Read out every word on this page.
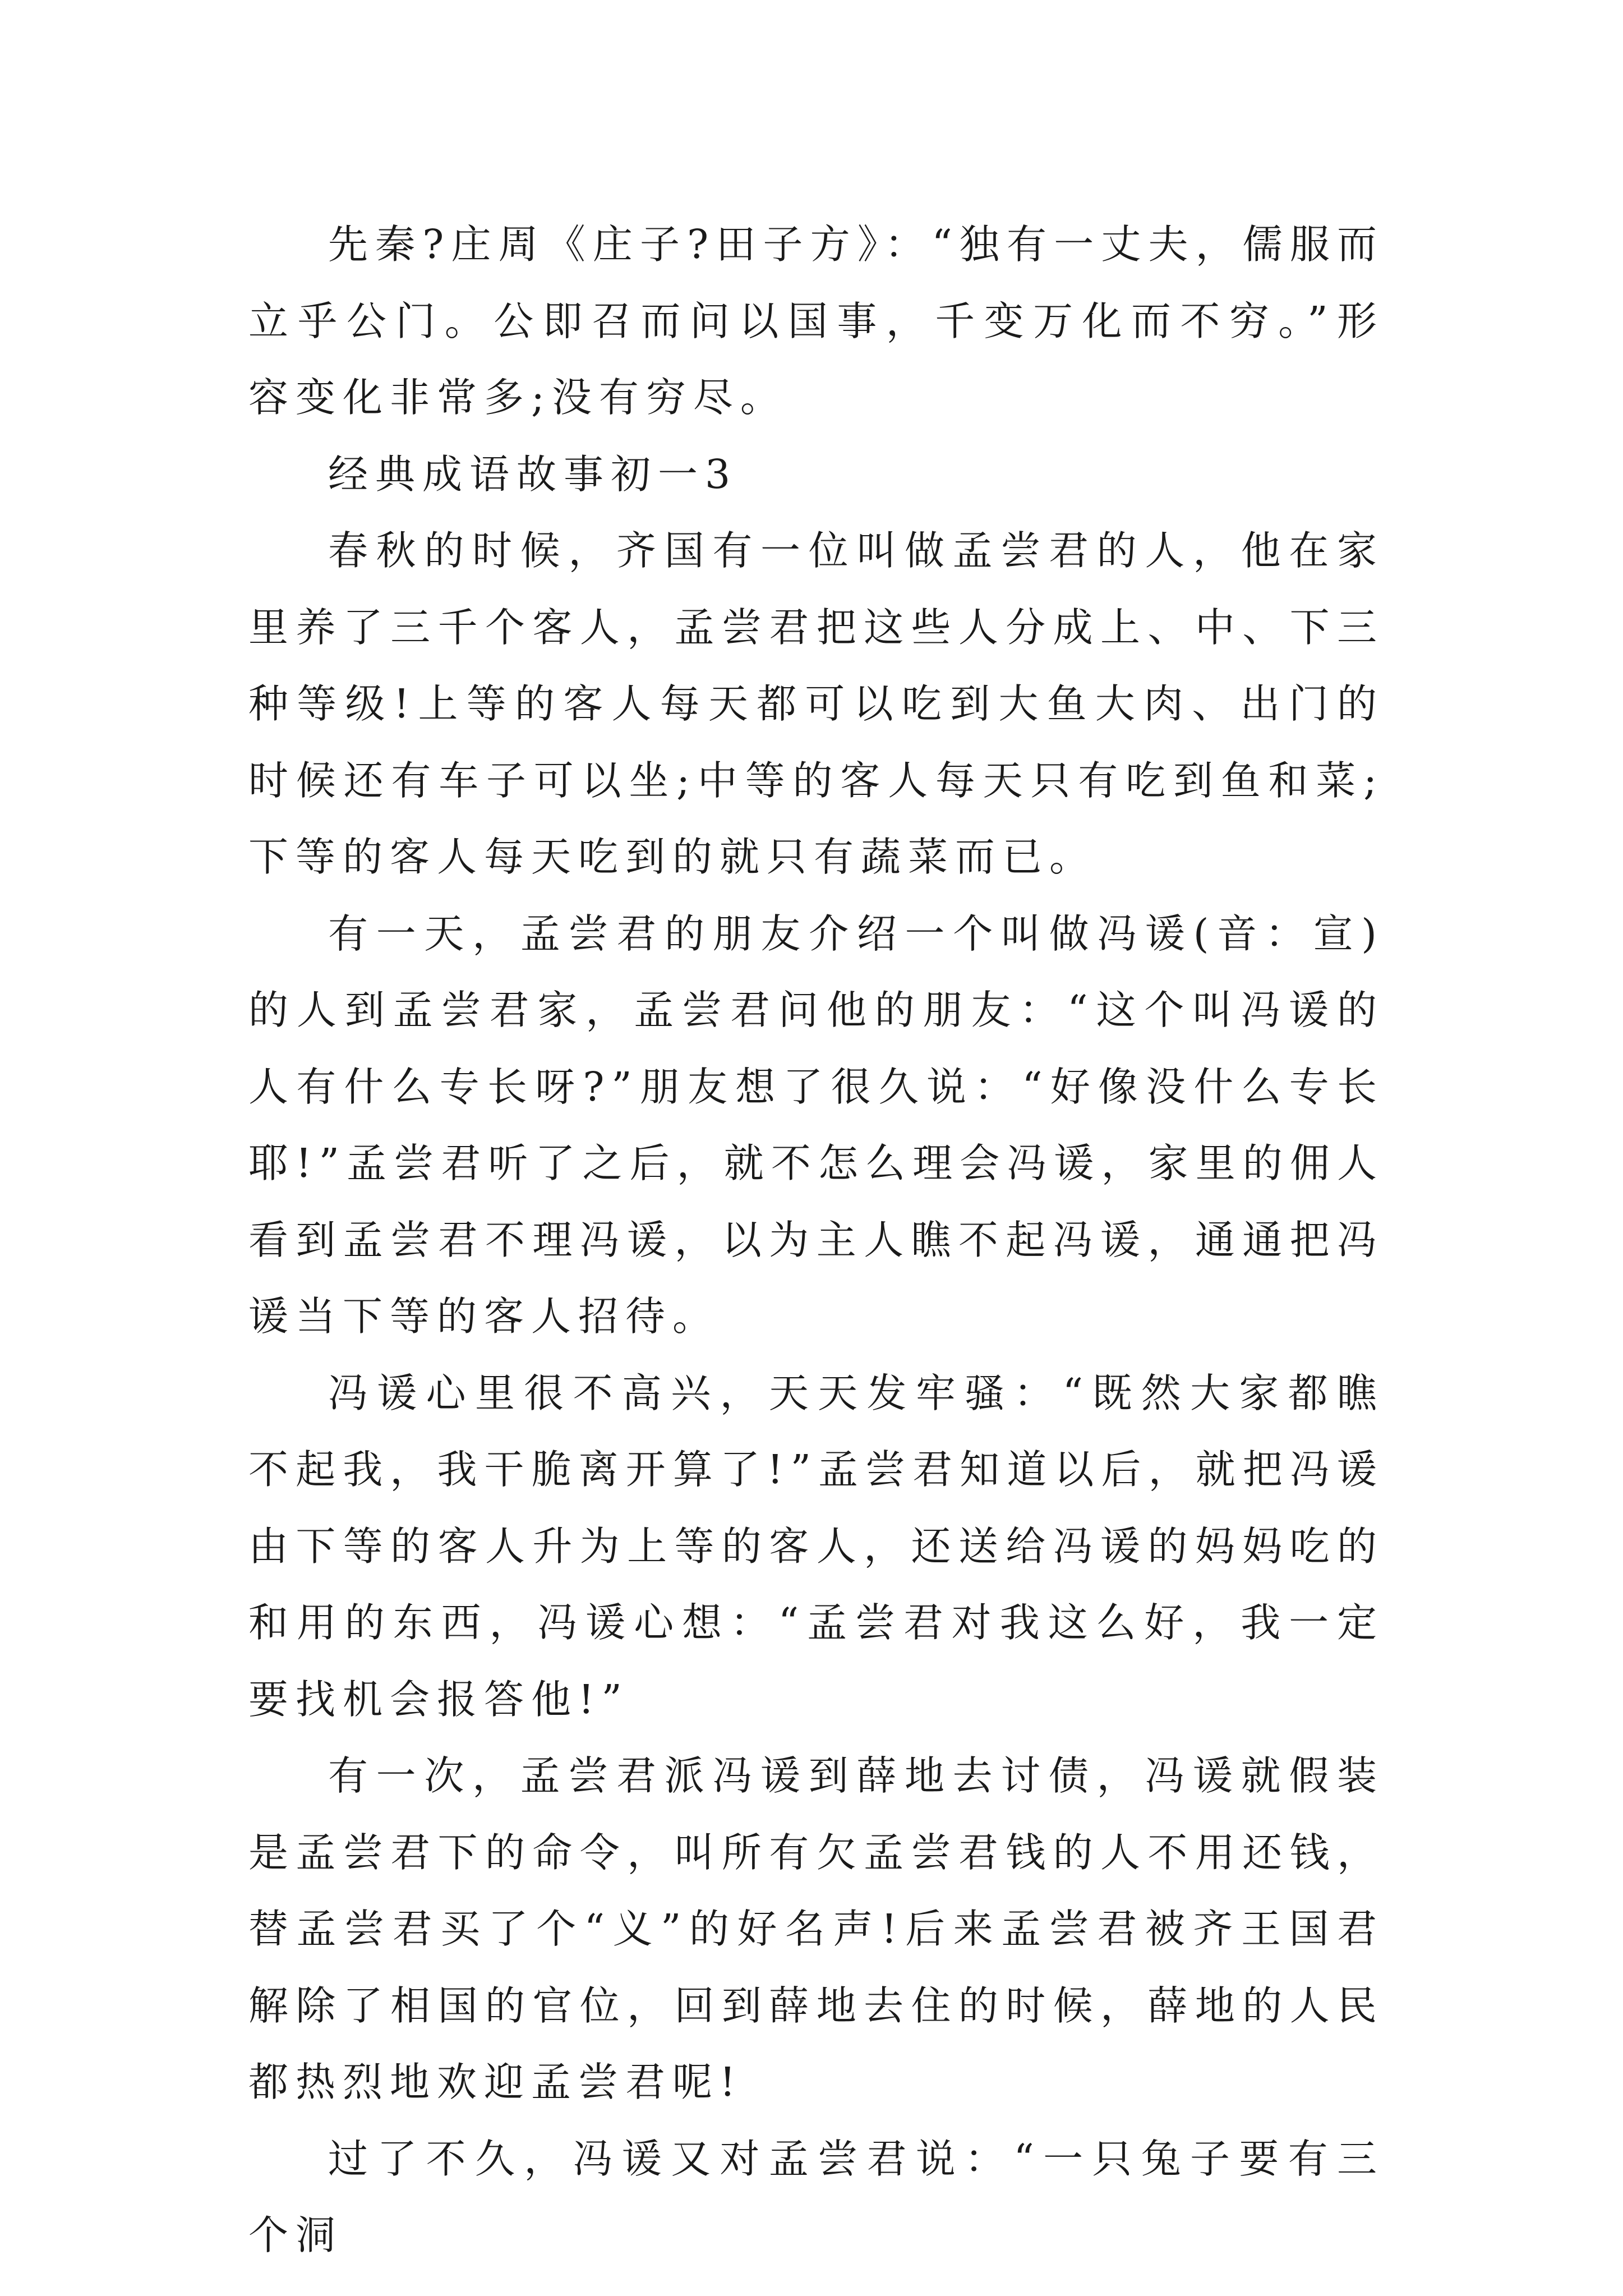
先秦?庄周《庄子?田子方》：“独有一丈夫，儒服而立乎公门。公即召而问以国事，千变万化而不穷。”形容变化非常多;没有穷尽。

经典成语故事初一3

春秋的时候，齐国有一位叫做孟尝君的人，他在家里养了三千个客人，孟尝君把这些人分成上、中、下三种等级!上等的客人每天都可以吃到大鱼大肉、出门的时候还有车子可以坐;中等的客人每天只有吃到鱼和菜;下等的客人每天吃到的就只有蔬菜而已。

有一天，孟尝君的朋友介绍一个叫做冯谖(音：宣)的人到孟尝君家，孟尝君问他的朋友：“这个叫冯谖的人有什么专长呀?”朋友想了很久说：“好像没什么专长耶!”孟尝君听了之后，就不怎么理会冯谖，家里的佣人看到孟尝君不理冯谖，以为主人瞧不起冯谖，通通把冯谖当下等的客人招待。

冯谖心里很不高兴，天天发牢骚：“既然大家都瞧不起我，我干脆离开算了!”孟尝君知道以后，就把冯谖由下等的客人升为上等的客人，还送给冯谖的妈妈吃的和用的东西，冯谖心想：“孟尝君对我这么好，我一定要找机会报答他!”

有一次，孟尝君派冯谖到薛地去讨债，冯谖就假装是孟尝君下的命令，叫所有欠孟尝君钱的人不用还钱，替孟尝君买了个“义”的好名声!后来孟尝君被齐王国君解除了相国的官位，回到薛地去住的时候，薛地的人民都热烈地欢迎孟尝君呢!

过了不久，冯谖又对孟尝君说：“一只兔子要有三个洞
